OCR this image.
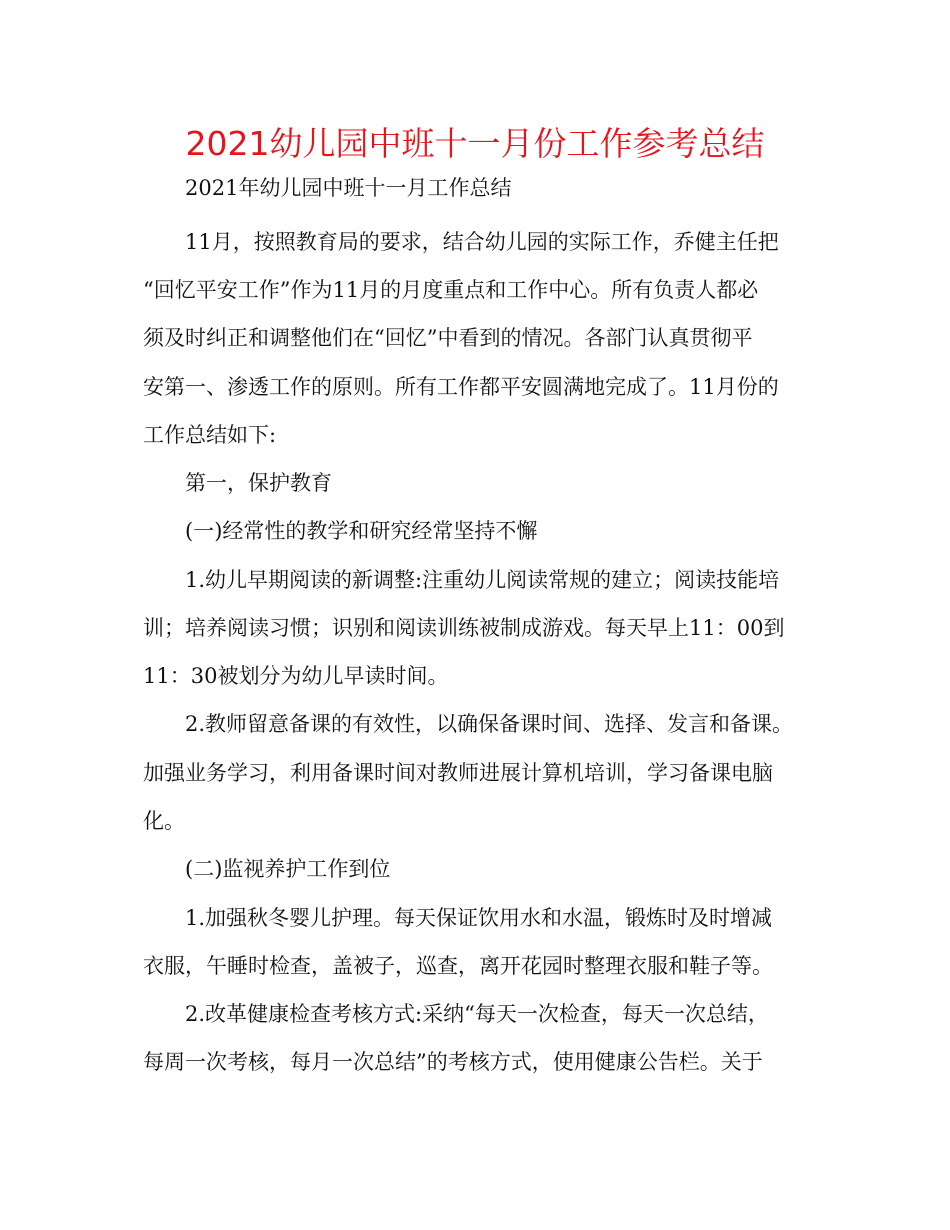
2021幼儿园中班十一月份工作参考总结
2021年幼儿园中班十一月工作总结
11月，按照教育局的要求，结合幼儿园的实际工作，乔健主任把
“回忆平安工作”作为11月的月度重点和工作中心。所有负责人都必
须及时纠正和调整他们在“回忆”中看到的情况。各部门认真贯彻平
安第一、渗透工作的原则。所有工作都平安圆满地完成了。11月份的
工作总结如下:
第一，保护教育
(一)经常性的教学和研究经常坚持不懈
1.幼儿早期阅读的新调整:注重幼儿阅读常规的建立；阅读技能培
训；培养阅读习惯；识别和阅读训练被制成游戏。每天早上11：00到
11：30被划分为幼儿早读时间。
2.教师留意备课的有效性，以确保备课时间、选择、发言和备课。
加强业务学习，利用备课时间对教师进展计算机培训，学习备课电脑
化。
(二)监视养护工作到位
1.加强秋冬婴儿护理。每天保证饮用水和水温，锻炼时及时增减
衣服，午睡时检查，盖被子，巡查，离开花园时整理衣服和鞋子等。
2.改革健康检查考核方式:采纳“每天一次检查，每天一次总结，
每周一次考核，每月一次总结”的考核方式，使用健康公告栏。关于
